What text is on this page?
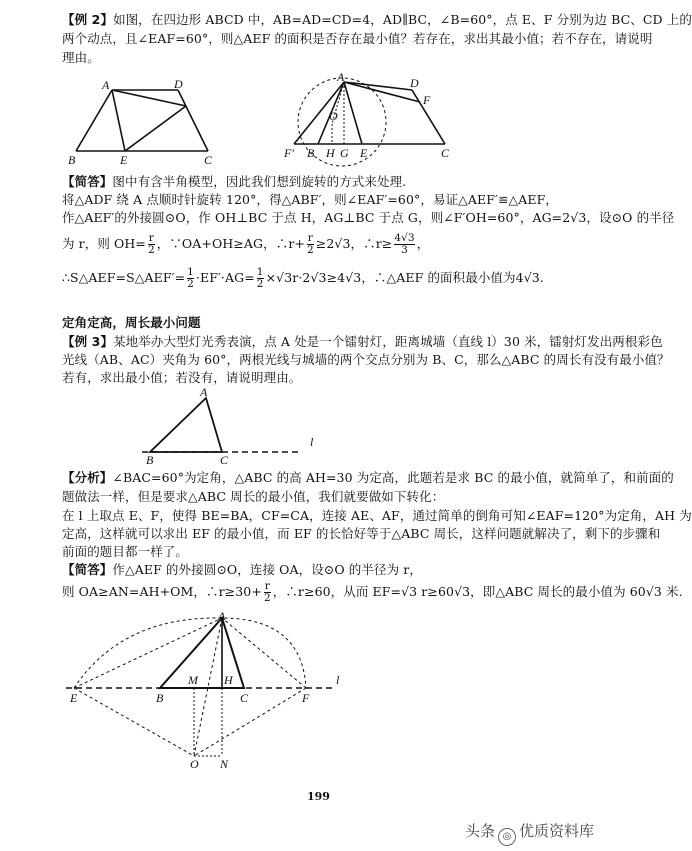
【例 2】如图，在四边形 ABCD 中，AB=AD=CD=4，AD∥BC，∠B=60°，点 E、F 分别为边 BC、CD 上的
两个动点，且∠EAF=60°，则△AEF 的面积是否存在最小值？若存在，求出其最小值；若不存在，请说明
理由。
A	D
B	E	C
A	D
F
O
F′ B H G E	C
【简答】图中有含半角模型，因此我们想到旋转的方式来处理.
将△ADF 绕 A 点顺时针旋转 120°，得△ABF′，则∠EAF′=60°，易证△AEF′≌△AEF，
作△AEF′的外接圆⊙O，作 OH⊥BC 于点 H，AG⊥BC 于点 G，则∠F′OH=60°，AG=2√3，设⊙O 的半径
为 r，则 $OH= \frac{r}{2}$ ，∵OA+OH≥AG，∴r+ $\frac{r}{2} \ge 2√3$，∴r≥ $\frac{4√3}{3}$ ，
∴S△AEF=S△AEF′= $\frac{1}{2} \cdot EF'\cdot AG= \frac{1}{2} \times√3r\cdot 2√3\ge 4√3$，∴△AEF 的面积最小值为4√3.
定角定高，周长最小问题
【例 3】某地举办大型灯光秀表演，点 A 处是一个镭射灯，距离城墙（直线 l）30 米，镭射灯发出两根彩色
光线（AB、AC）夹角为 60°，两根光线与城墙的两个交点分别为 B、C，那么△ABC 的周长有没有最小值？
若有，求出最小值；若没有，请说明理由。
A
B	C
l
【分析】∠BAC=60°为定角，△ABC 的高 AH=30 为定高，此题若是求 BC 的最小值，就简单了，和前面的
题做法一样，但是要求△ABC 周长的最小值，我们就要做如下转化：
在 l 上取点 E、F，使得 BE=BA，CF=CA，连接 AE、AF，通过简单的倒角可知∠EAF=120°为定角，AH 为
定高，这样就可以求出 EF 的最小值，而 EF 的长恰好等于△ABC 周长，这样问题就解决了，剩下的步骤和
前面的题目都一样了。
【简答】作△AEF 的外接圆⊙O，连接 OA，设⊙O 的半径为 r，
则 OA≥AN=AH+OM，∴r≥30+ $\frac{r}{2}$ ，∴r≥60，从而 EF=√3 r≥60√3，即△ABC 周长的最小值为 60√3 米.
A
E	B
M H
C	F
l
O N
199
头条 ◎ 优质资料库
